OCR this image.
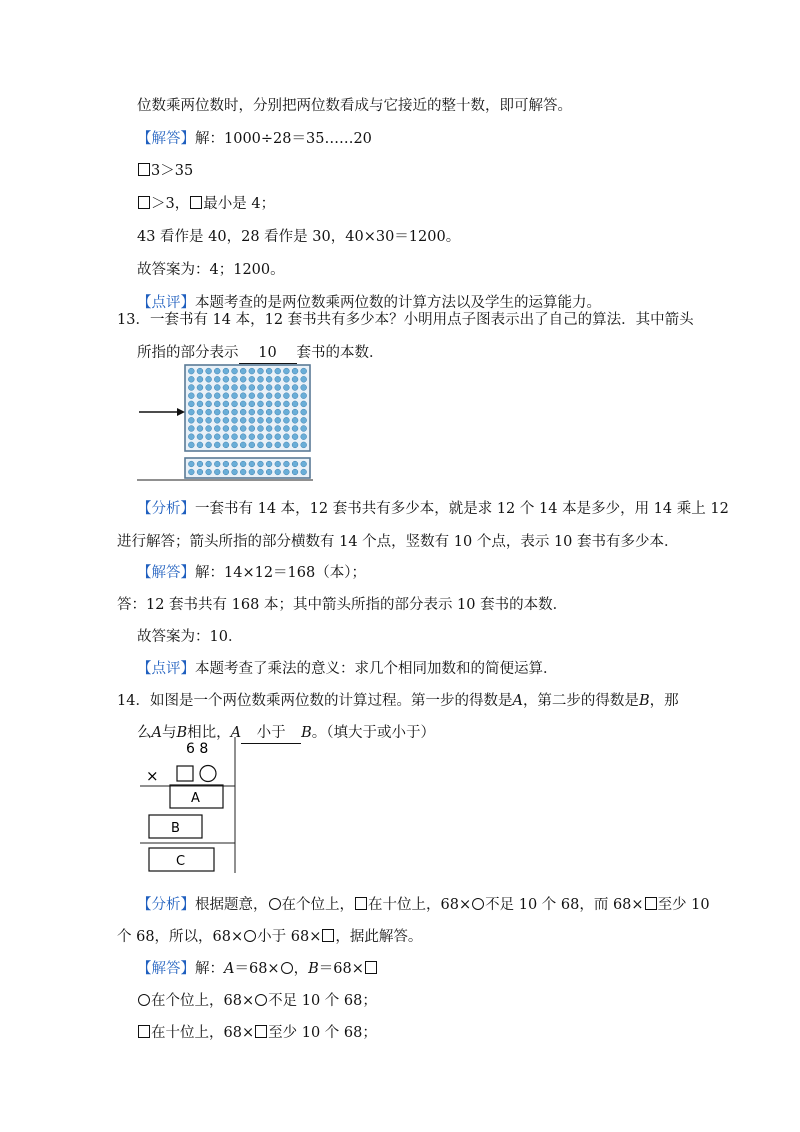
位数乘两位数时，分别把两位数看成与它接近的整十数，即可解答。
【解答】解：1000÷28＝35……20
3＞35
＞3， 最小是 4；
43 看作是 40，28 看作是 30，40×30＝1200。
故答案为：4；1200。
【点评】本题考查的是两位数乘两位数的计算方法以及学生的运算能力。
13．一套书有 14 本，12 套书共有多少本？小明用点子图表示出了自己的算法．其中箭头
所指的部分表示 10 套书的本数．
【分析】一套书有 14 本，12 套书共有多少本，就是求 12 个 14 本是多少，用 14 乘上 12
进行解答；箭头所指的部分横数有 14 个点，竖数有 10 个点，表示 10 套书有多少本．
【解答】解：14×12＝168（本）；
答：12 套书共有 168 本；其中箭头所指的部分表示 10 套书的本数．
故答案为：10．
【点评】本题考查了乘法的意义：求几个相同加数和的简便运算．
14．如图是一个两位数乘两位数的计算过程。第一步的得数是A，第二步的得数是B，那
么A与B相比，A 小于 B。（填大于或小于）
6 8
×
A
B
C
【分析】根据题意， 在个位上， 在十位上，68× 不足 10 个 68，而 68× 至少 10
个 68，所以，68× 小于 68× ，据此解答。
【解答】解：A＝68× ，B＝68×
在个位上，68× 不足 10 个 68；
在十位上，68× 至少 10 个 68；
